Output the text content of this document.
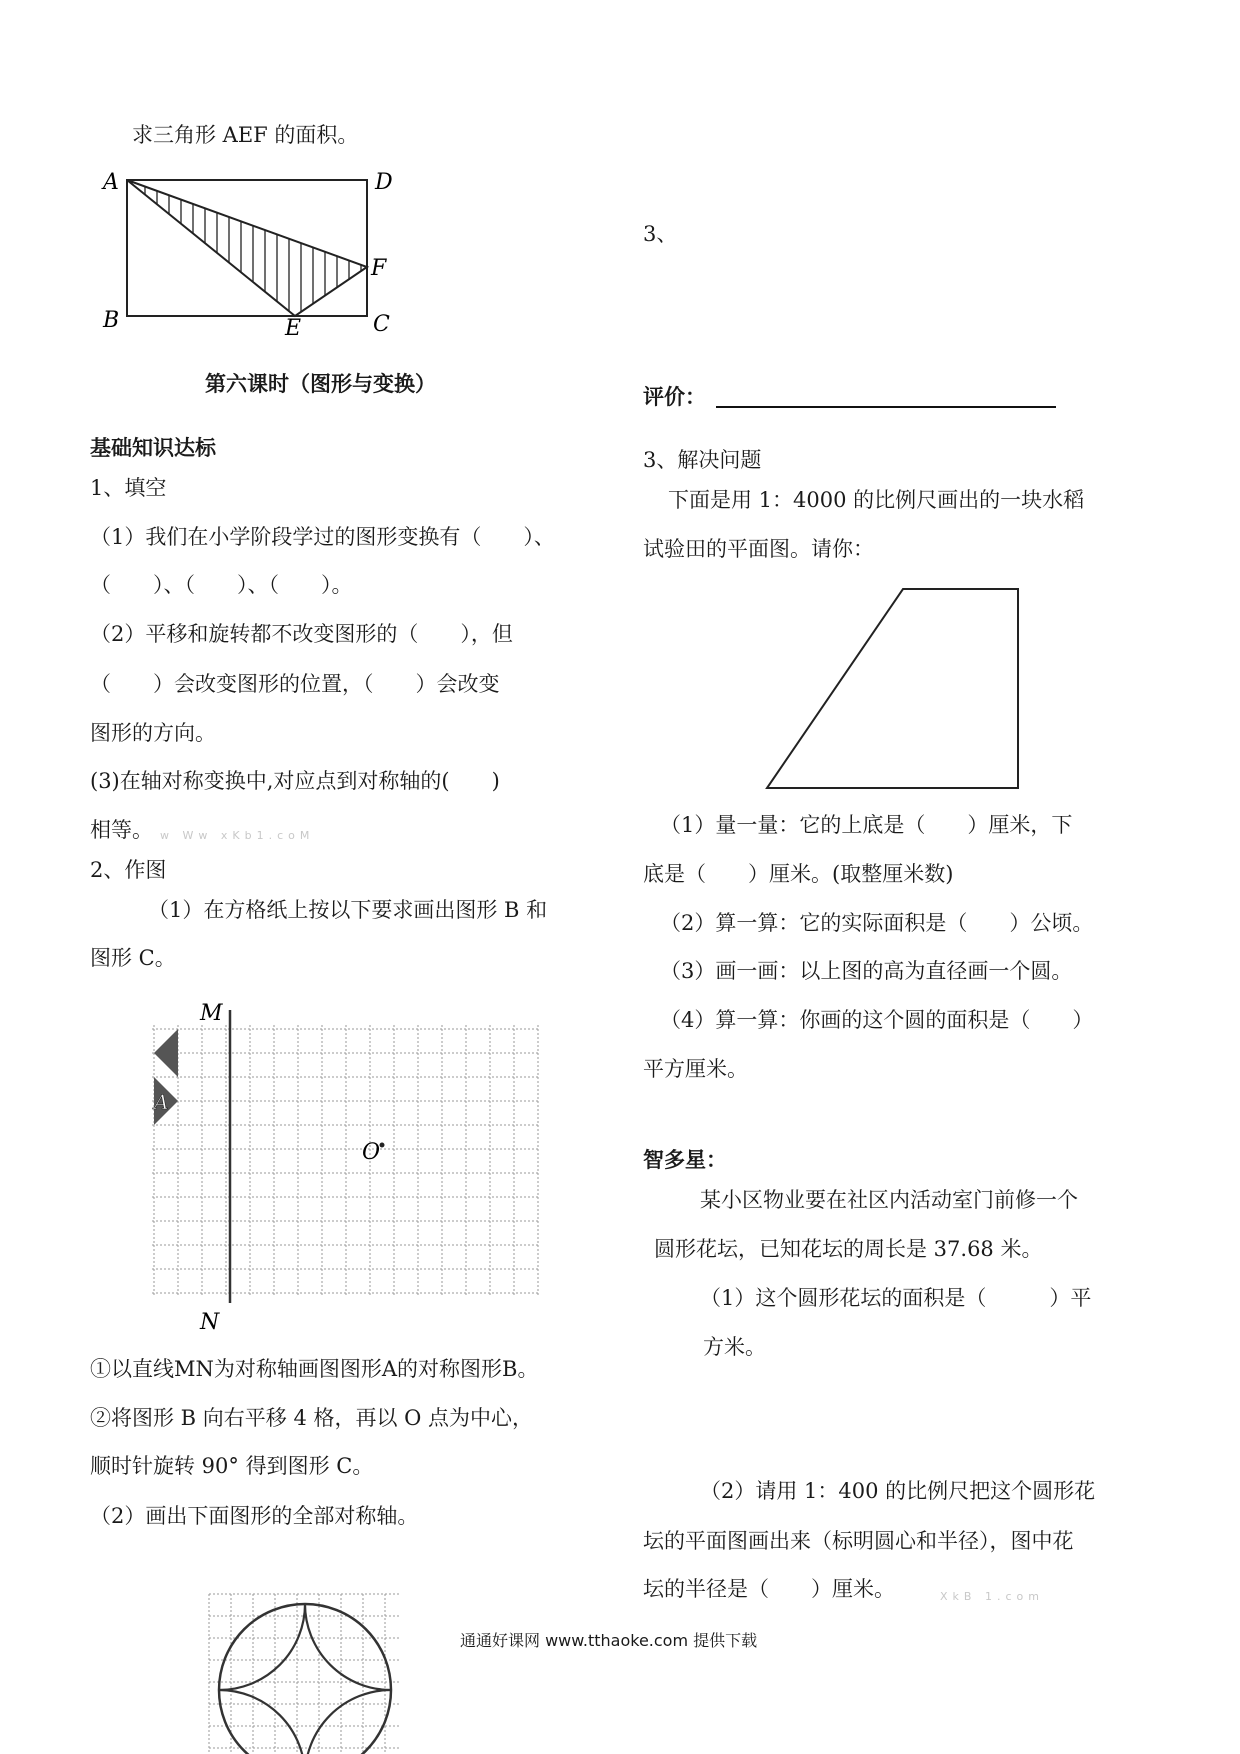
求三角形 AEF 的面积。
A	D
B	C
F
E
第六课时（图形与变换）
基础知识达标
1、填空
（1）我们在小学阶段学过的图形变换有（　　）、
（　　）、（　　）、（　　）。
（2）平移和旋转都不改变图形的（　　），但
（　　）会改变图形的位置，（　　）会改变
图形的方向。
(3)在轴对称变换中,对应点到对称轴的(　　)
相等。 w Ww xKb1.coM
2、作图
（1）在方格纸上按以下要求画出图形 B 和
图形 C。
M
N
A
O
①以直线MN为对称轴画图图形A的对称图形B。
②将图形 B 向右平移 4 格，再以 O 点为中心，
顺时针旋转 90° 得到图形 C。
（2）画出下面图形的全部对称轴。
3、
评价：
3、解决问题
下面是用 1：4000 的比例尺画出的一块水稻
试验田的平面图。请你：
（1）量一量：它的上底是（　　）厘米，下
底是（　　）厘米。(取整厘米数)
（2）算一算：它的实际面积是（　　）公顷。
（3）画一画：以上图的高为直径画一个圆。
（4）算一算：你画的这个圆的面积是（　　）
平方厘米。
智多星：
某小区物业要在社区内活动室门前修一个
圆形花坛，已知花坛的周长是 37.68 米。
（1）这个圆形花坛的面积是（　　　）平
方米。
（2）请用 1：400 的比例尺把这个圆形花
坛的平面图画出来（标明圆心和半径），图中花
坛的半径是（　　）厘米。	XkB 1.com
通通好课网 www.tthaoke.com 提供下载
